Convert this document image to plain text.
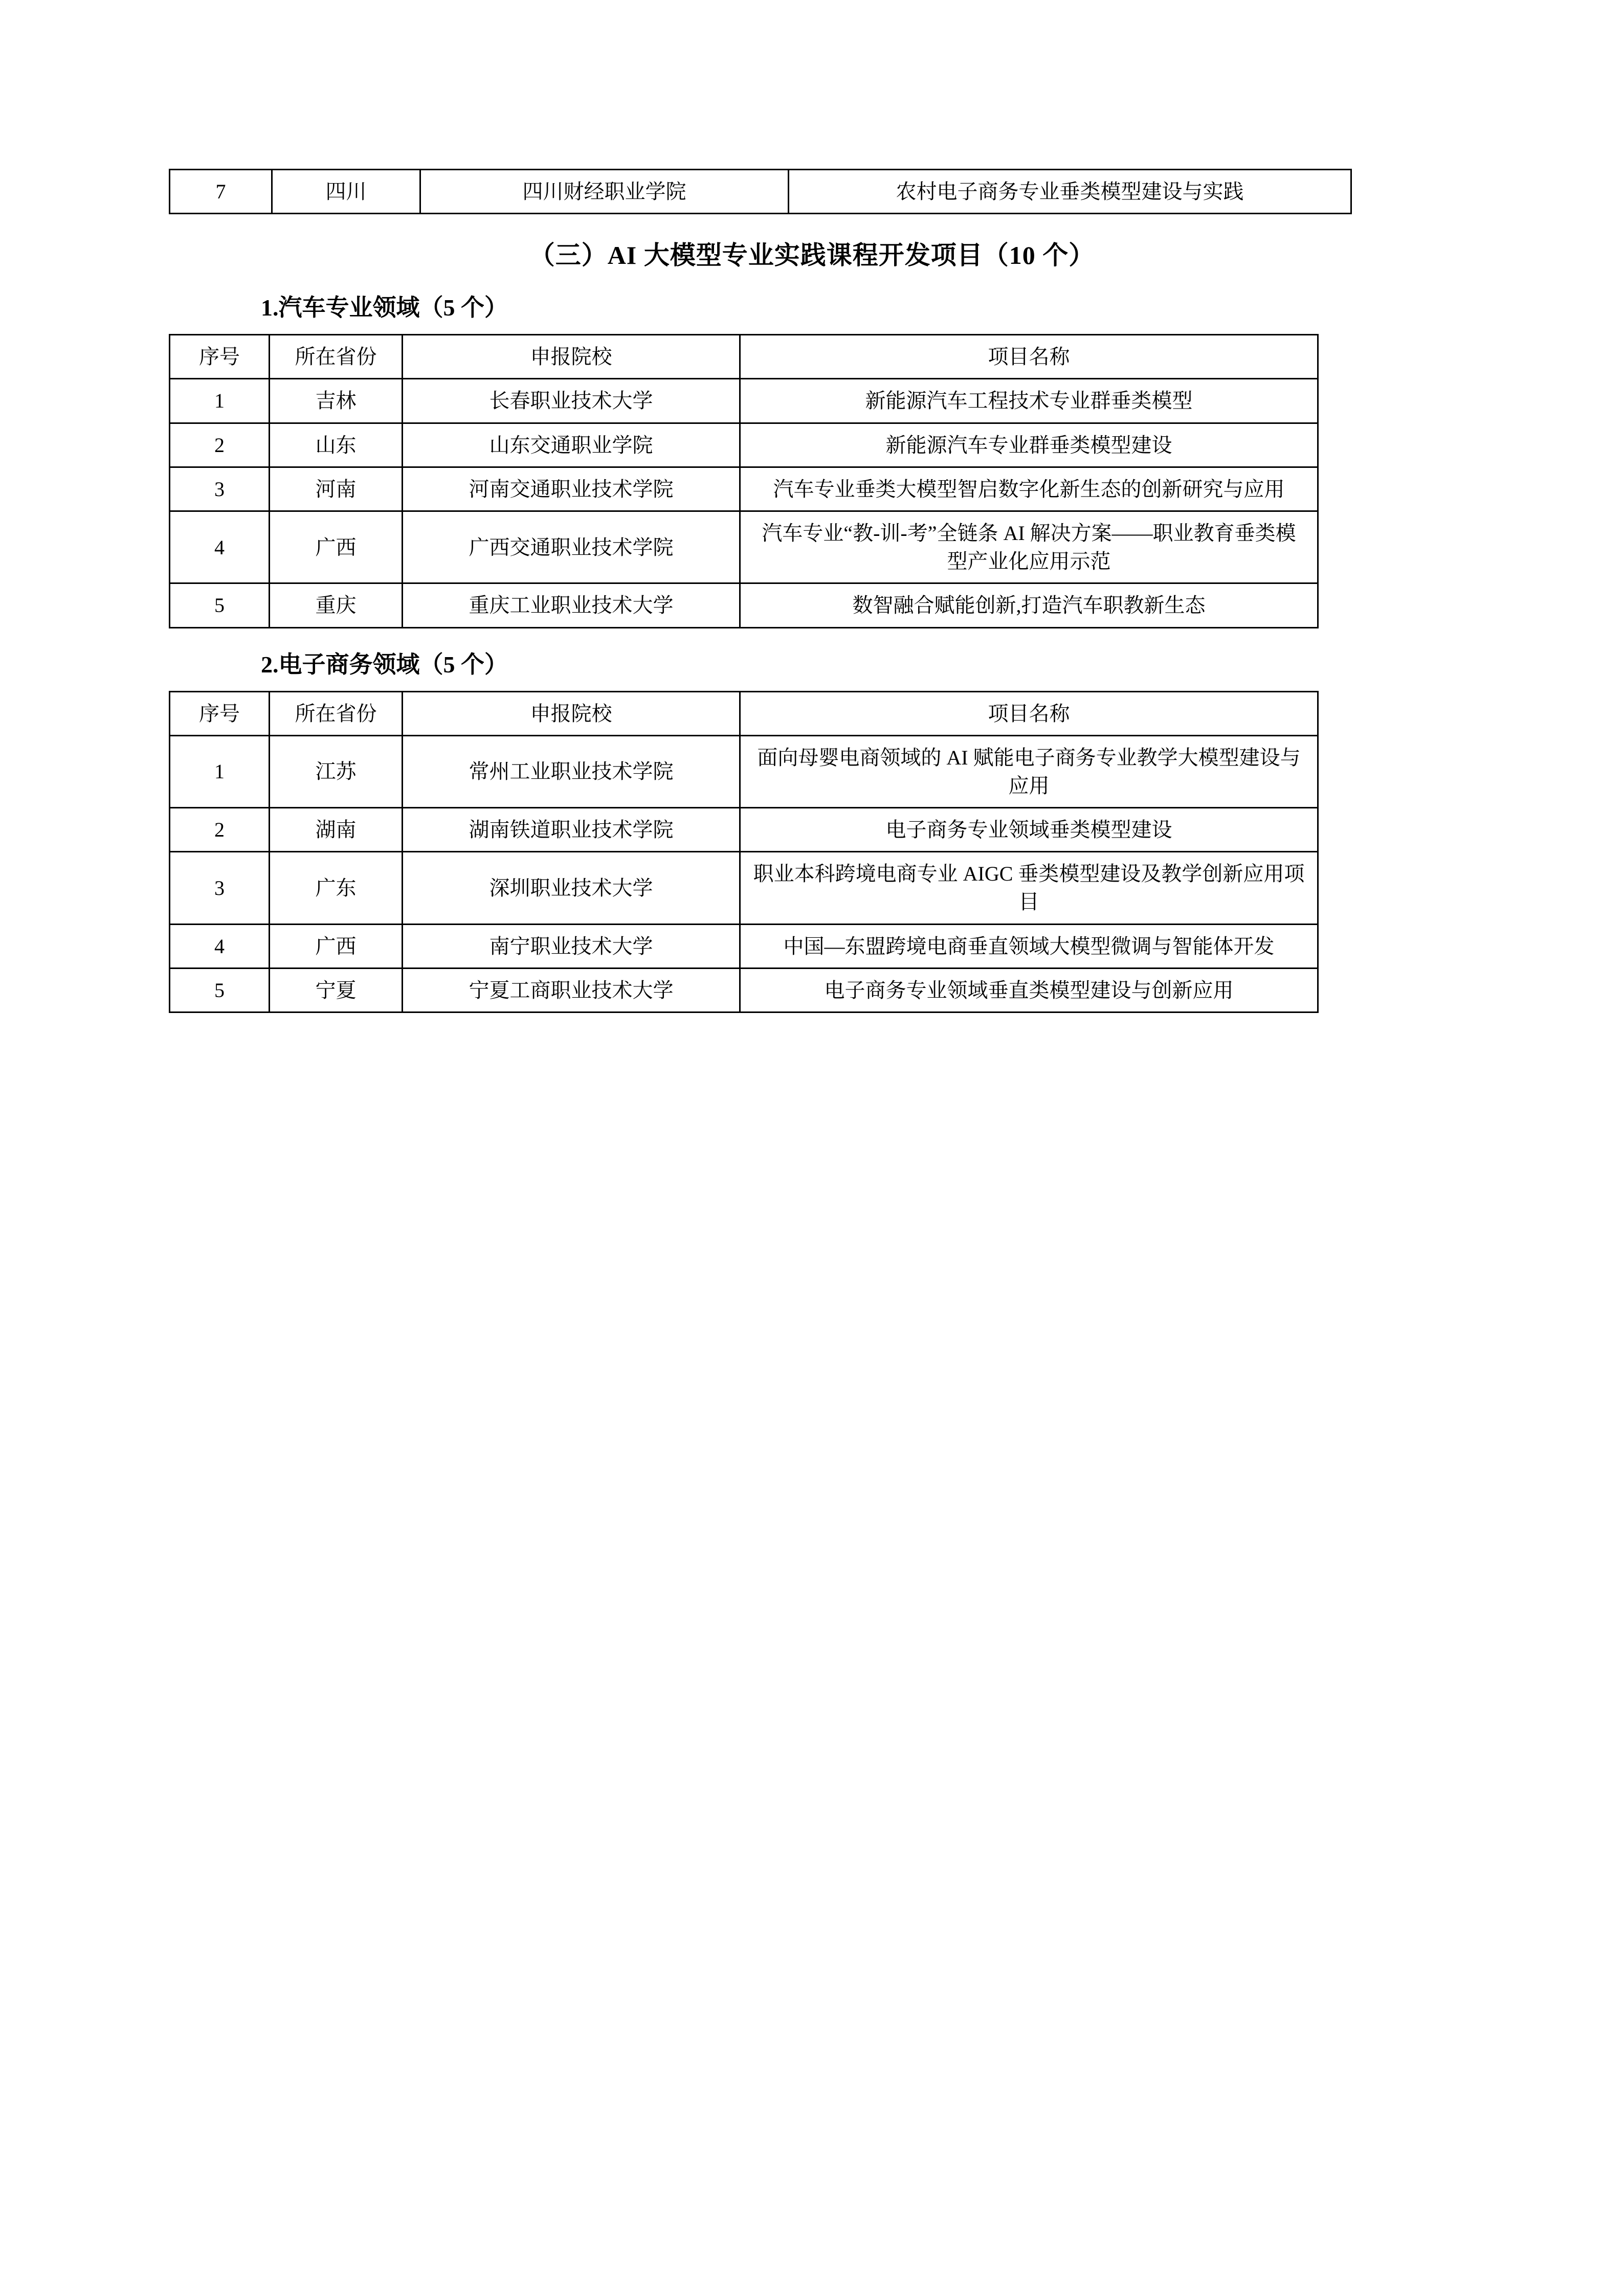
7	四川	四川财经职业学院	农村电子商务专业垂类模型建设与实践
（三）AI 大模型专业实践课程开发项目（10 个）
1.汽车专业领域（5 个）
序号	所在省份	申报院校	项目名称
1	吉林	长春职业技术大学	新能源汽车工程技术专业群垂类模型
2	山东	山东交通职业学院	新能源汽车专业群垂类模型建设
3	河南	河南交通职业技术学院	汽车专业垂类大模型智启数字化新生态的创新研究与应用
4	广西	广西交通职业技术学院	汽车专业“教-训-考”全链条 AI 解决方案——职业教育垂类模型产业化应用示范
5	重庆	重庆工业职业技术大学	数智融合赋能创新,打造汽车职教新生态
2.电子商务领域（5 个）
序号	所在省份	申报院校	项目名称
1	江苏	常州工业职业技术学院	面向母婴电商领域的 AI 赋能电子商务专业教学大模型建设与应用
2	湖南	湖南铁道职业技术学院	电子商务专业领域垂类模型建设
3	广东	深圳职业技术大学	职业本科跨境电商专业 AIGC 垂类模型建设及教学创新应用项目
4	广西	南宁职业技术大学	中国—东盟跨境电商垂直领域大模型微调与智能体开发
5	宁夏	宁夏工商职业技术大学	电子商务专业领域垂直类模型建设与创新应用
